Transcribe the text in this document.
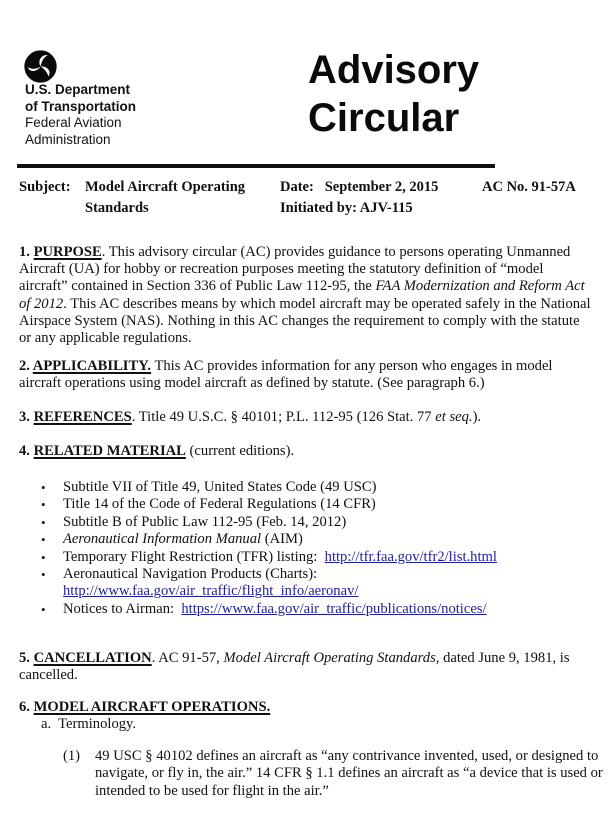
U.S. Department
of Transportation
Federal Aviation
Administration
Advisory
Circular
Subject: Model Aircraft Operating
Standards
Date:   September 2, 2015
Initiated by: AJV-115
AC No. 91-57A
1. PURPOSE. This advisory circular (AC) provides guidance to persons operating Unmanned Aircraft (UA) for hobby or recreation purposes meeting the statutory definition of “model aircraft” contained in Section 336 of Public Law 112-95, the FAA Modernization and Reform Act of 2012. This AC describes means by which model aircraft may be operated safely in the National Airspace System (NAS). Nothing in this AC changes the requirement to comply with the statute or any applicable regulations.
2. APPLICABILITY. This AC provides information for any person who engages in model aircraft operations using model aircraft as defined by statute. (See paragraph 6.)
3. REFERENCES. Title 49 U.S.C. § 40101; P.L. 112-95 (126 Stat. 77 et seq.).
4. RELATED MATERIAL (current editions).
• Subtitle VII of Title 49, United States Code (49 USC)
• Title 14 of the Code of Federal Regulations (14 CFR)
• Subtitle B of Public Law 112-95 (Feb. 14, 2012)
• Aeronautical Information Manual (AIM)
• Temporary Flight Restriction (TFR) listing:  http://tfr.faa.gov/tfr2/list.html
• Aeronautical Navigation Products (Charts):
http://www.faa.gov/air_traffic/flight_info/aeronav/
• Notices to Airman:  https://www.faa.gov/air_traffic/publications/notices/
5. CANCELLATION. AC 91-57, Model Aircraft Operating Standards, dated June 9, 1981, is cancelled.
6. MODEL AIRCRAFT OPERATIONS.
a.  Terminology.
(1) 49 USC § 40102 defines an aircraft as “any contrivance invented, used, or designed to navigate, or fly in, the air.” 14 CFR § 1.1 defines an aircraft as “a device that is used or intended to be used for flight in the air.”
